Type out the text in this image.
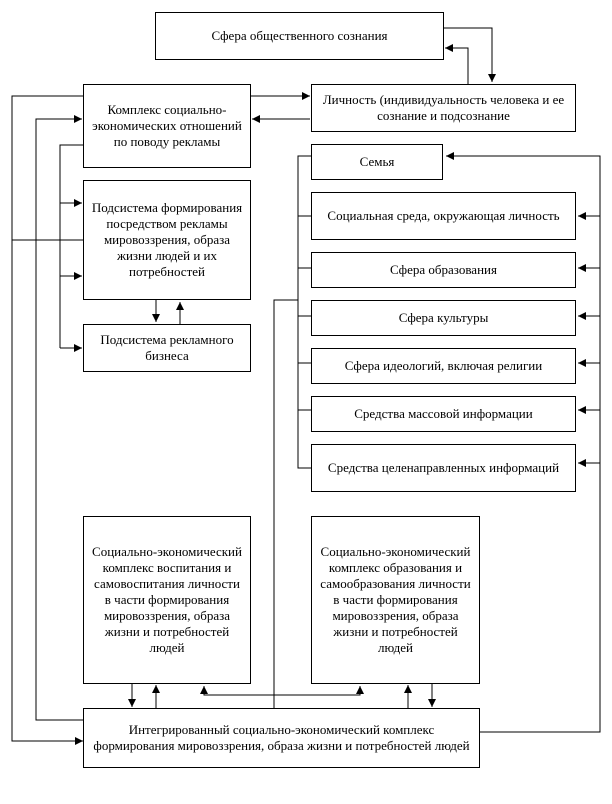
Сфера общественного сознания
Личность (индивидуальность человека и ее сознание и подсознание
Комплекс социально-экономических отношений по поводу рекламы
Подсистема формирования посредством рекламы мировоззрения, образа жизни людей и их потребностей
Подсистема рекламного бизнеса
Семья
Социальная среда, окружающая личность
Сфера образования
Сфера культуры
Сфера идеологий, включая религии
Средства массовой информации
Средства целенаправленных информаций
Социально-экономический комплекс воспитания и самовоспитания личности в части формирования мировоззрения, образа жизни и потребностей людей
Социально-экономический комплекс образования и самообразования личности в части формирования мировоззрения, образа жизни и потребностей людей
Интегрированный социально-экономический комплекс формирования мировоззрения, образа жизни и потребностей людей
